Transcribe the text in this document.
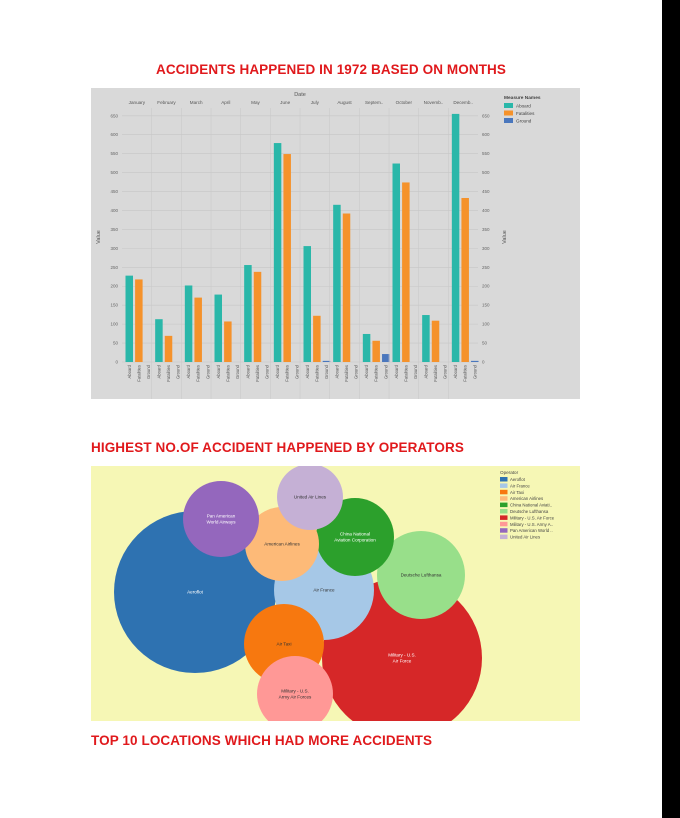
ACCIDENTS HAPPENED IN 1972 BASED ON MONTHS
Date
Value	Value
0	0
50	50
100	100
150	150
200	200
250	250
300	300
350	350
400	400
450	450
500	500
550	550
600	600
650	650
January
Aboard Fatalities Ground
February
Aboard Fatalities Ground
March
Aboard Fatalities Ground
April
Aboard Fatalities Ground
May
Aboard Fatalities Ground
June
Aboard Fatalities Ground
July
Aboard Fatalities Ground
August
Aboard Fatalities Ground
Septem..
Aboard Fatalities Ground
October
Aboard Fatalities Ground
Novemb..
Aboard Fatalities Ground
Decemb..
Aboard Fatalities Ground
Measure Names
Aboard
Fatalities
Ground
HIGHEST NO.OF ACCIDENT HAPPENED BY OPERATORS
Aeroflot
Military - U.S. Air Force
Deutsche Lufthansa
Air France
China National Aviation Corporation
American Airlines
Pan American World Airways
United Air Lines
Air Taxi
Military - U.S. Army Air Forces
Operator
Aeroflot
Air France
Air Taxi
American Airlines
China National Aviati..
Deutsche Lufthansa
Military - U.S. Air Force
Military - U.S. Army A..
Pan American World ..
United Air Lines
TOP 10 LOCATIONS WHICH HAD MORE ACCIDENTS
